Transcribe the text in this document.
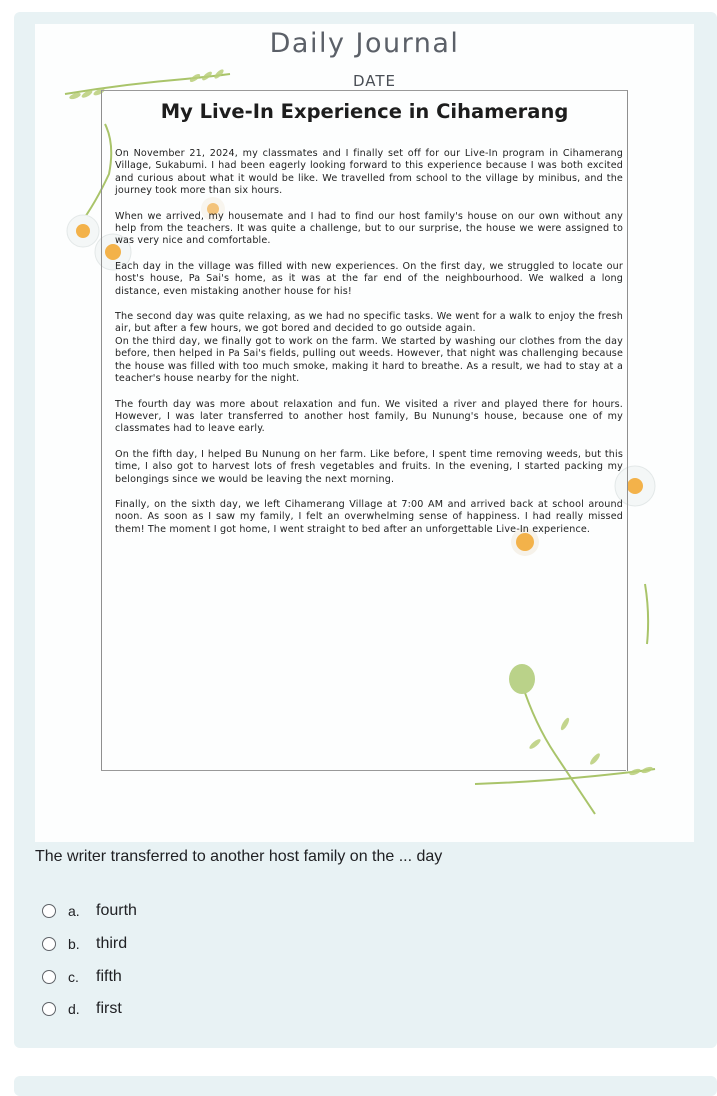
Daily Journal
DATE
My Live-In Experience in Cihamerang

On November 21, 2024, my classmates and I finally set off for our Live-In program in Cihamerang Village, Sukabumi. I had been eagerly looking forward to this experience because I was both excited and curious about what it would be like. We travelled from school to the village by minibus, and the journey took more than six hours.

When we arrived, my housemate and I had to find our host family's house on our own without any help from the teachers. It was quite a challenge, but to our surprise, the house we were assigned to was very nice and comfortable.

Each day in the village was filled with new experiences. On the first day, we struggled to locate our host's house, Pa Sai's home, as it was at the far end of the neighbourhood. We walked a long distance, even mistaking another house for his!

The second day was quite relaxing, as we had no specific tasks. We went for a walk to enjoy the fresh air, but after a few hours, we got bored and decided to go outside again.

On the third day, we finally got to work on the farm. We started by washing our clothes from the day before, then helped in Pa Sai's fields, pulling out weeds. However, that night was challenging because the house was filled with too much smoke, making it hard to breathe. As a result, we had to stay at a teacher's house nearby for the night.

The fourth day was more about relaxation and fun. We visited a river and played there for hours. However, I was later transferred to another host family, Bu Nunung's house, because one of my classmates had to leave early.

On the fifth day, I helped Bu Nunung on her farm. Like before, I spent time removing weeds, but this time, I also got to harvest lots of fresh vegetables and fruits. In the evening, I started packing my belongings since we would be leaving the next morning.

Finally, on the sixth day, we left Cihamerang Village at 7:00 AM and arrived back at school around noon. As soon as I saw my family, I felt an overwhelming sense of happiness. I had really missed them! The moment I got home, I went straight to bed after an unforgettable Live-In experience.

The writer transferred to another host family on the ... day
a.	fourth
b.	third
c.	fifth
d.	first
